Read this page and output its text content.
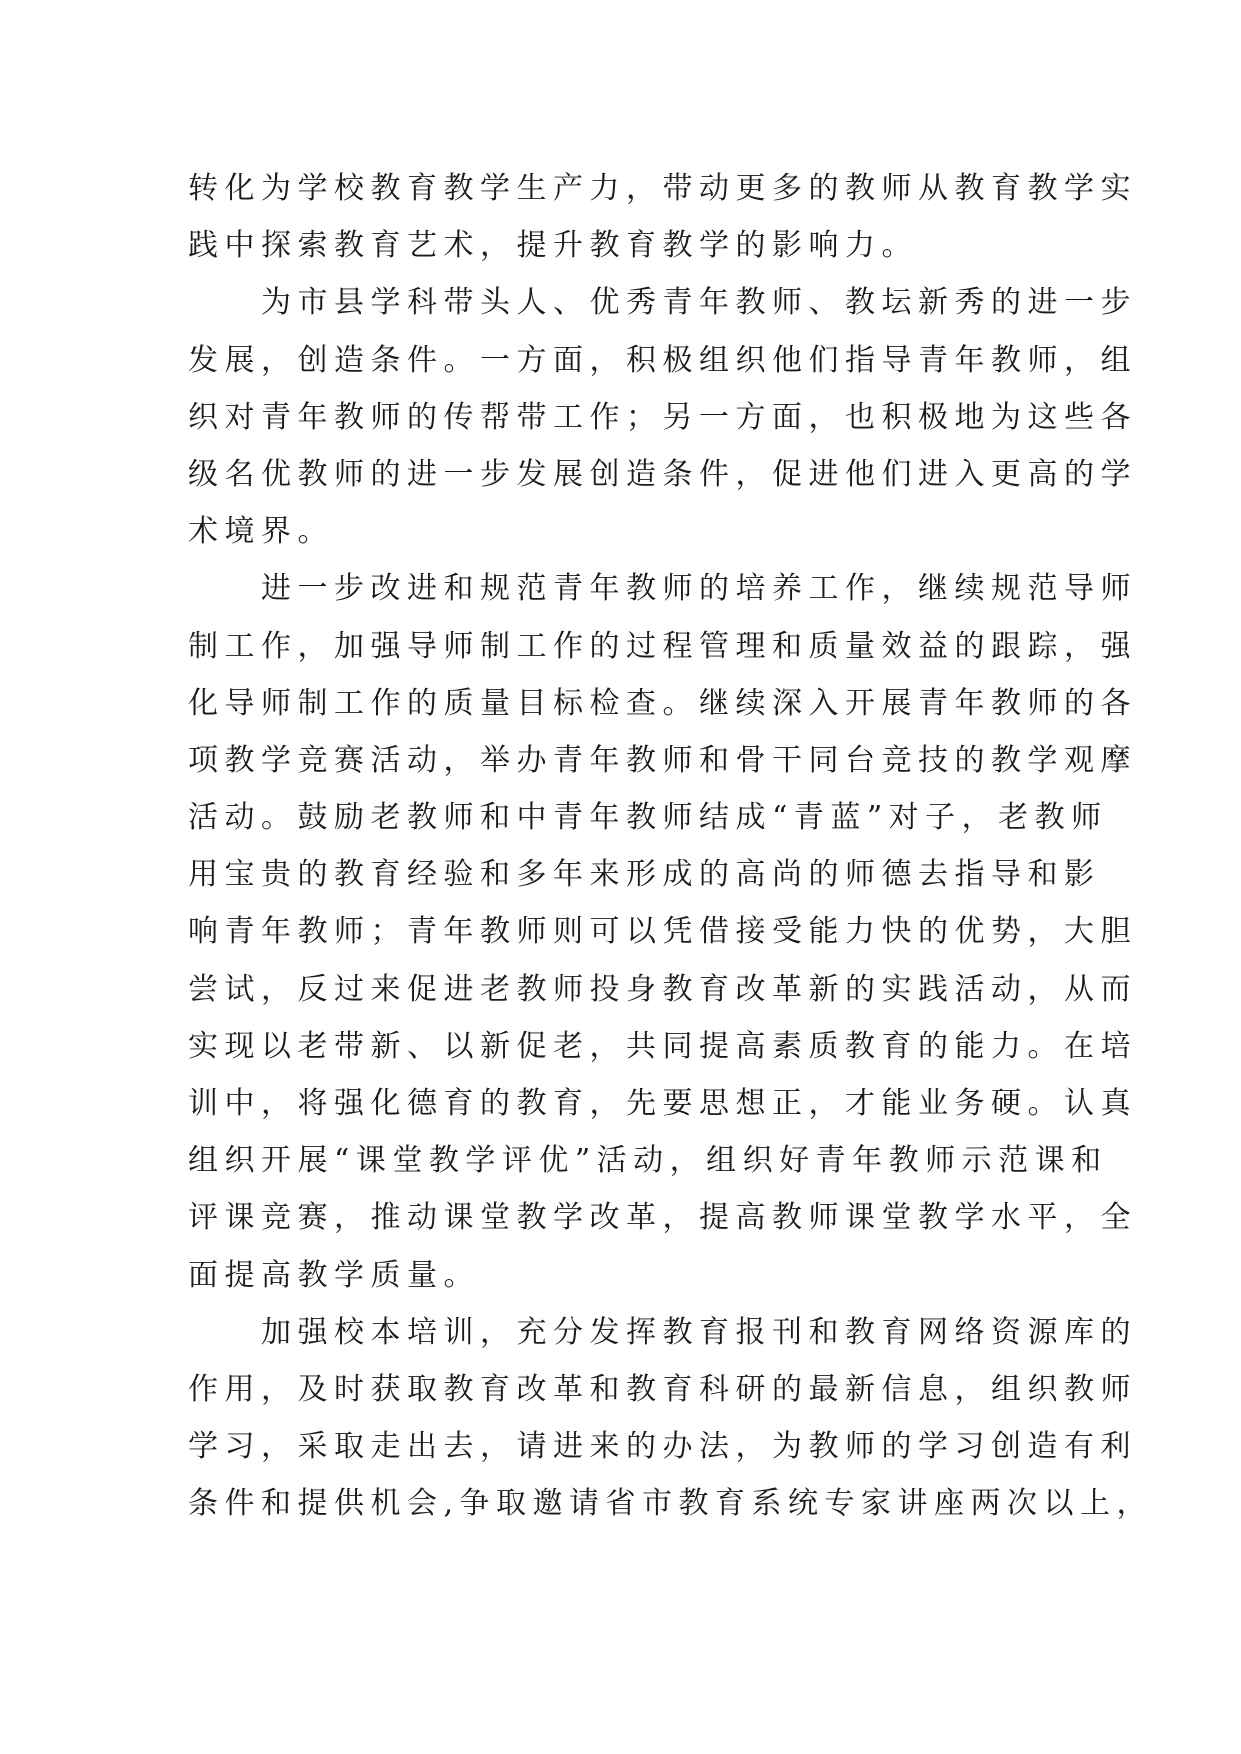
转化为学校教育教学生产力，带动更多的教师从教育教学实
践中探索教育艺术，提升教育教学的影响力。
　　为市县学科带头人、优秀青年教师、教坛新秀的进一步
发展，创造条件。一方面，积极组织他们指导青年教师，组
织对青年教师的传帮带工作；另一方面，也积极地为这些各
级名优教师的进一步发展创造条件，促进他们进入更高的学
术境界。
　　进一步改进和规范青年教师的培养工作，继续规范导师
制工作，加强导师制工作的过程管理和质量效益的跟踪，强
化导师制工作的质量目标检查。继续深入开展青年教师的各
项教学竞赛活动，举办青年教师和骨干同台竞技的教学观摩
活动。鼓励老教师和中青年教师结成“青蓝”对子，老教师
用宝贵的教育经验和多年来形成的高尚的师德去指导和影
响青年教师；青年教师则可以凭借接受能力快的优势，大胆
尝试，反过来促进老教师投身教育改革新的实践活动，从而
实现以老带新、以新促老，共同提高素质教育的能力。在培
训中，将强化德育的教育，先要思想正，才能业务硬。认真
组织开展“课堂教学评优”活动，组织好青年教师示范课和
评课竞赛，推动课堂教学改革，提高教师课堂教学水平，全
面提高教学质量。
　　加强校本培训，充分发挥教育报刊和教育网络资源库的
作用，及时获取教育改革和教育科研的最新信息，组织教师
学习，采取走出去，请进来的办法，为教师的学习创造有利
条件和提供机会,争取邀请省市教育系统专家讲座两次以上，
